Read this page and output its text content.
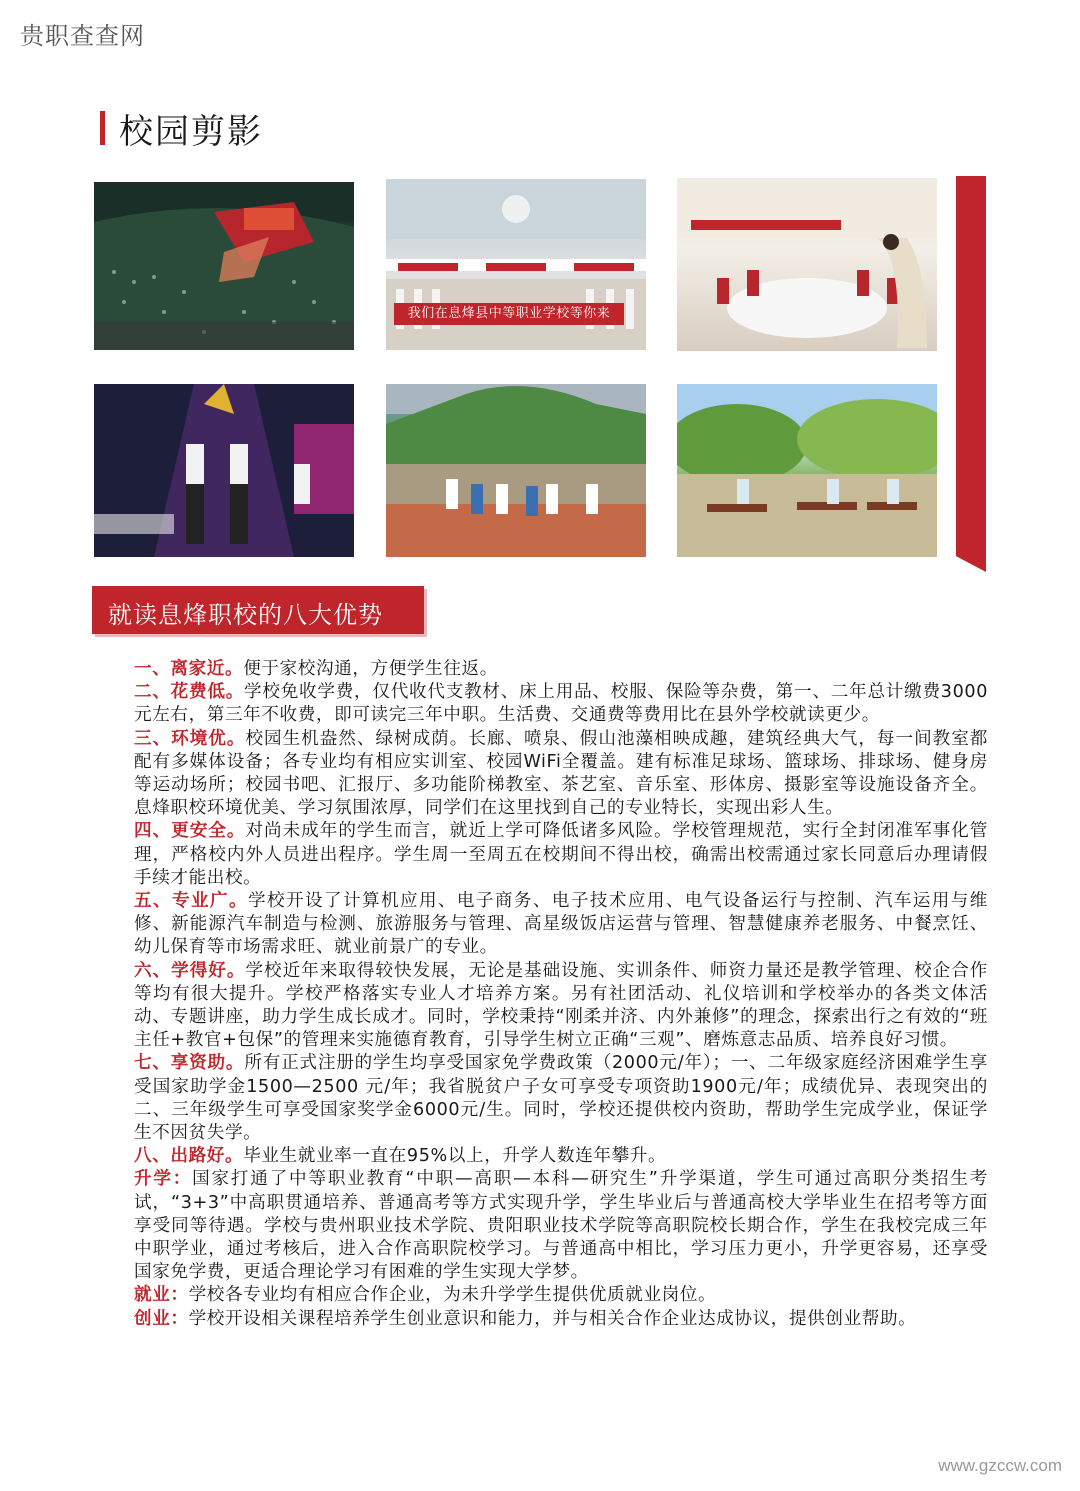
贵职查查网
校园剪影
我们在息烽县中等职业学校等你来
就读息烽职校的八大优势

一、离家近。便于家校沟通，方便学生往返。

二、花费低。学校免收学费，仅代收代支教材、床上用品、校服、保险等杂费，第一、二年总计缴费3000元左右，第三年不收费，即可读完三年中职。生活费、交通费等费用比在县外学校就读更少。

三、环境优。校园生机盎然、绿树成荫。长廊、喷泉、假山池藻相映成趣，建筑经典大气，每一间教室都配有多媒体设备；各专业均有相应实训室、校园WiFi全覆盖。建有标准足球场、篮球场、排球场、健身房等运动场所；校园书吧、汇报厅、多功能阶梯教室、茶艺室、音乐室、形体房、摄影室等设施设备齐全。息烽职校环境优美、学习氛围浓厚，同学们在这里找到自己的专业特长，实现出彩人生。

四、更安全。对尚未成年的学生而言，就近上学可降低诸多风险。学校管理规范，实行全封闭准军事化管理，严格校内外人员进出程序。学生周一至周五在校期间不得出校，确需出校需通过家长同意后办理请假手续才能出校。

五、专业广。学校开设了计算机应用、电子商务、电子技术应用、电气设备运行与控制、汽车运用与维修、新能源汽车制造与检测、旅游服务与管理、高星级饭店运营与管理、智慧健康养老服务、中餐烹饪、幼儿保育等市场需求旺、就业前景广的专业。

六、学得好。学校近年来取得较快发展，无论是基础设施、实训条件、师资力量还是教学管理、校企合作等均有很大提升。学校严格落实专业人才培养方案。另有社团活动、礼仪培训和学校举办的各类文体活动、专题讲座，助力学生成长成才。同时，学校秉持“刚柔并济、内外兼修”的理念，探索出行之有效的“班主任+教官+包保”的管理来实施德育教育，引导学生树立正确“三观”、磨炼意志品质、培养良好习惯。

七、享资助。所有正式注册的学生均享受国家免学费政策（2000元/年）；一、二年级家庭经济困难学生享受国家助学金1500—2500 元/年；我省脱贫户子女可享受专项资助1900元/年；成绩优异、表现突出的二、三年级学生可享受国家奖学金6000元/生。同时，学校还提供校内资助，帮助学生完成学业，保证学生不因贫失学。

八、出路好。毕业生就业率一直在95%以上，升学人数连年攀升。

升学：国家打通了中等职业教育“中职—高职—本科—研究生”升学渠道，学生可通过高职分类招生考试，“3+3”中高职贯通培养、普通高考等方式实现升学，学生毕业后与普通高校大学毕业生在招考等方面享受同等待遇。学校与贵州职业技术学院、贵阳职业技术学院等高职院校长期合作，学生在我校完成三年中职学业，通过考核后，进入合作高职院校学习。与普通高中相比，学习压力更小，升学更容易，还享受国家免学费，更适合理论学习有困难的学生实现大学梦。

就业：学校各专业均有相应合作企业，为未升学学生提供优质就业岗位。

创业：学校开设相关课程培养学生创业意识和能力，并与相关合作企业达成协议，提供创业帮助。

www.gzccw.com
